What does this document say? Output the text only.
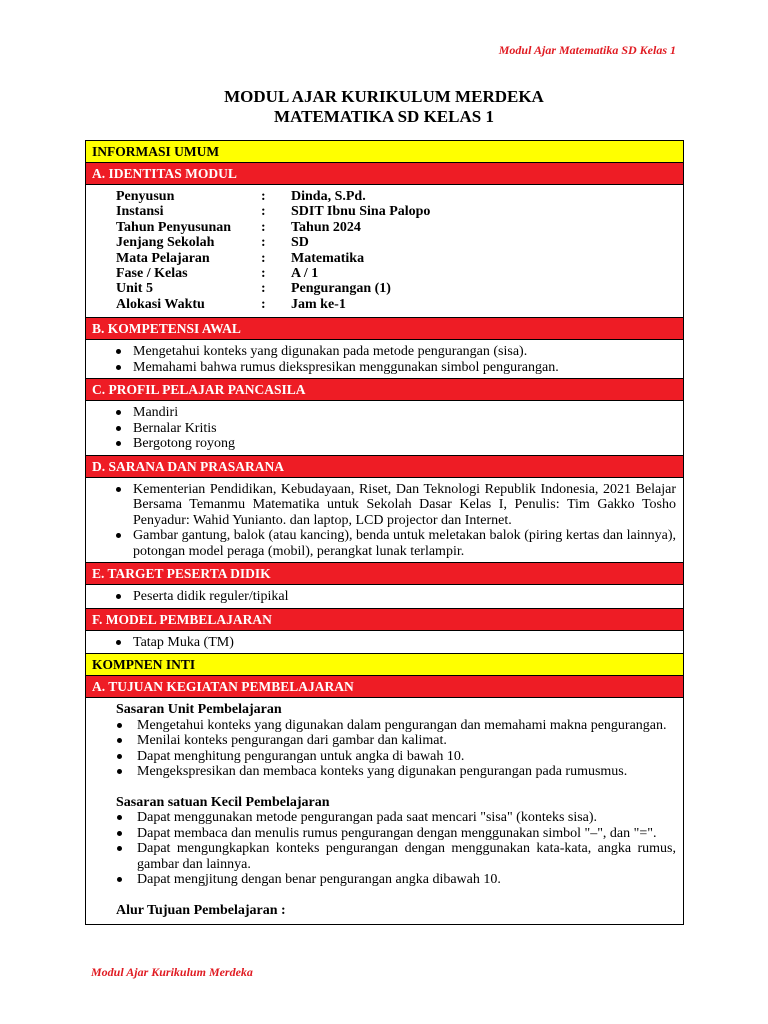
Modul Ajar Matematika SD Kelas 1
MODUL AJAR KURIKULUM MERDEKA
MATEMATIKA SD KELAS 1
INFORMASI UMUM
A. IDENTITAS MODUL
Penyusun	:	Dinda, S.Pd.
Instansi	:	SDIT Ibnu Sina Palopo
Tahun Penyusunan	:	Tahun 2024
Jenjang Sekolah	:	SD
Mata Pelajaran	:	Matematika
Fase / Kelas	:	A / 1
Unit 5	:	Pengurangan (1)
Alokasi Waktu	:	Jam ke-1
B. KOMPETENSI AWAL
Mengetahui konteks yang digunakan pada metode pengurangan (sisa).
Memahami bahwa rumus diekspresikan menggunakan simbol pengurangan.
C. PROFIL PELAJAR PANCASILA
Mandiri
Bernalar Kritis
Bergotong royong
D. SARANA DAN PRASARANA
Kementerian Pendidikan, Kebudayaan, Riset, Dan Teknologi Republik Indonesia, 2021 Belajar Bersama Temanmu Matematika untuk Sekolah Dasar Kelas I, Penulis: Tim Gakko Tosho Penyadur: Wahid Yunianto. dan laptop, LCD projector dan Internet.
Gambar gantung, balok (atau kancing), benda untuk meletakan balok (piring kertas dan lainnya), potongan model peraga (mobil), perangkat lunak terlampir.
E. TARGET PESERTA DIDIK
Peserta didik reguler/tipikal
F. MODEL PEMBELAJARAN
Tatap Muka (TM)
KOMPNEN INTI
A. TUJUAN KEGIATAN PEMBELAJARAN
Sasaran Unit Pembelajaran
Mengetahui konteks yang digunakan dalam pengurangan dan memahami makna pengurangan.
Menilai konteks pengurangan dari gambar dan kalimat.
Dapat menghitung pengurangan untuk angka di bawah 10.
Mengekspresikan dan membaca konteks yang digunakan pengurangan pada rumusmus.
Sasaran satuan Kecil Pembelajaran
Dapat menggunakan metode pengurangan pada saat mencari "sisa" (konteks sisa).
Dapat membaca dan menulis rumus pengurangan dengan menggunakan simbol "–", dan "=".
Dapat mengungkapkan konteks pengurangan dengan menggunakan kata-kata, angka rumus, gambar dan lainnya.
Dapat mengjitung dengan benar pengurangan angka dibawah 10.
Alur Tujuan Pembelajaran :
Modul Ajar Kurikulum Merdeka
